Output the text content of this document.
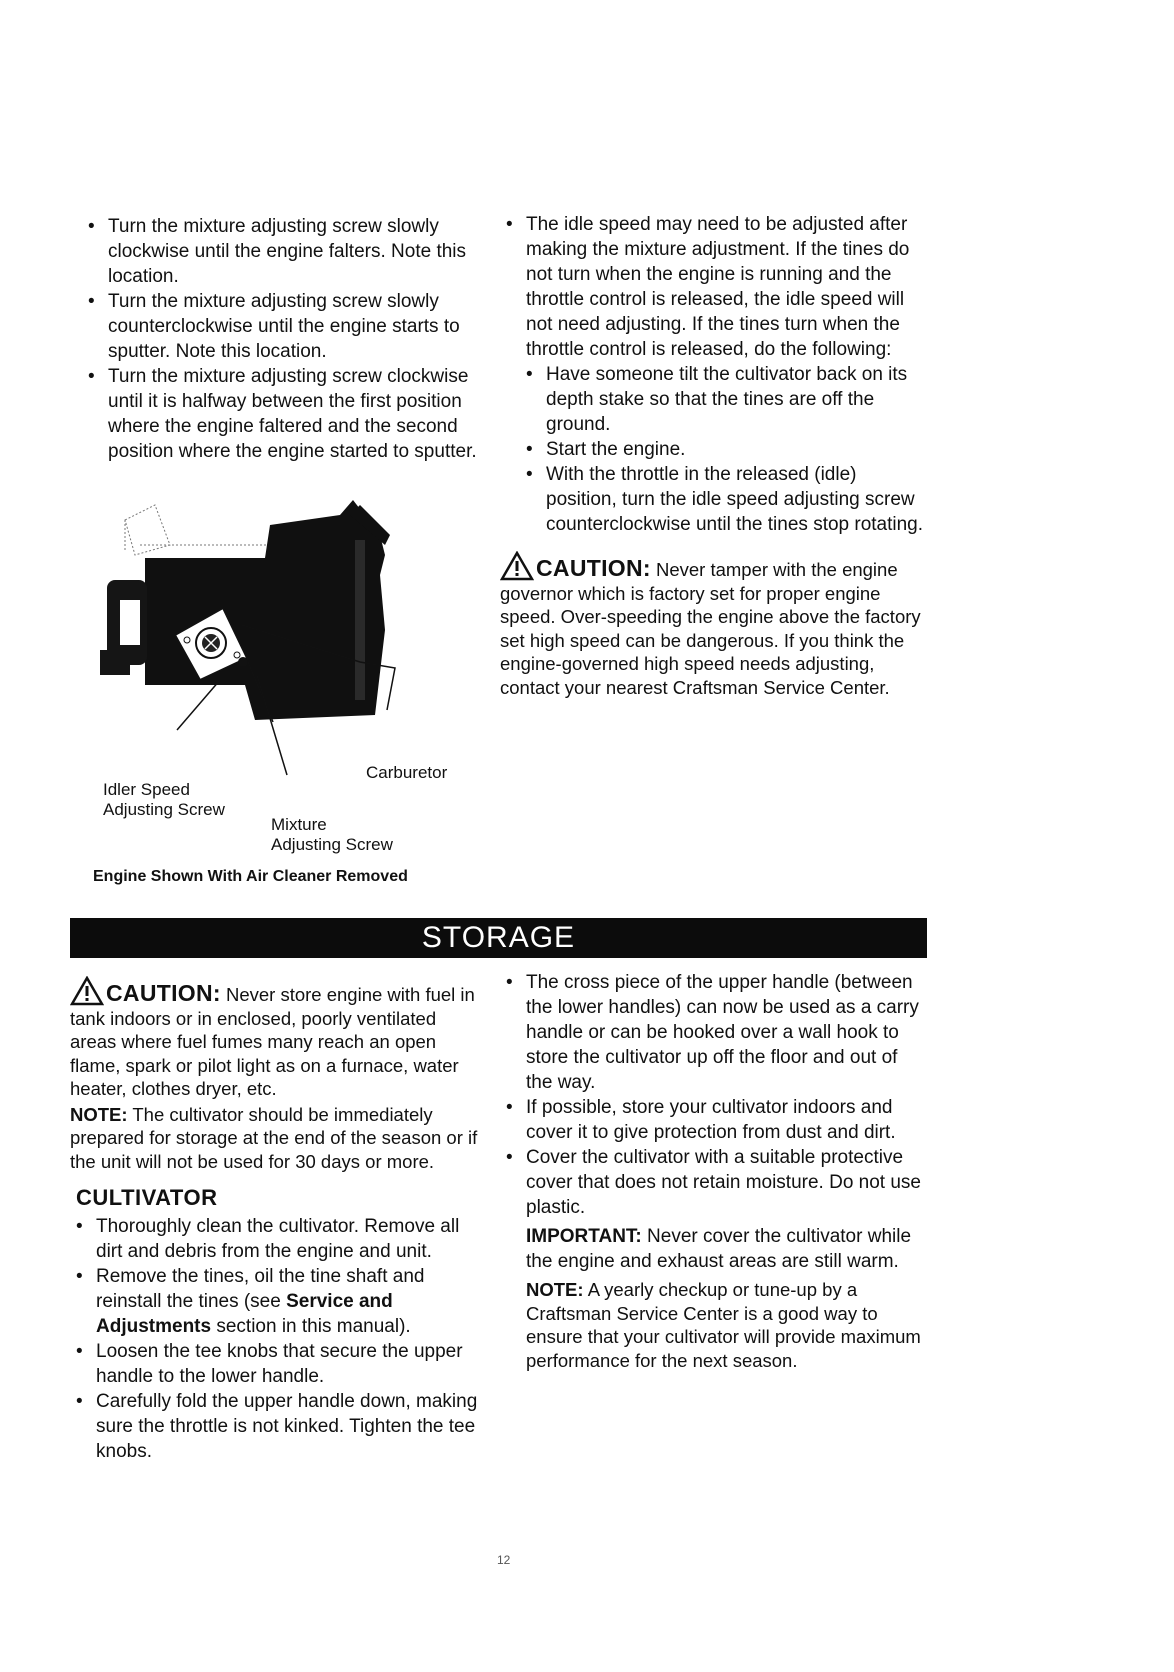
• Turn the mixture adjusting screw slowly clockwise until the engine falters. Note this location.
• Turn the mixture adjusting screw slowly counterclockwise until the engine starts to sputter. Note this location.
• Turn the mixture adjusting screw clockwise until it is halfway between the first position where the engine faltered and the second position where the engine started to sputter.
Idler Speed
Adjusting Screw
Carburetor
Mixture
Adjusting Screw
Engine Shown With Air Cleaner Removed
• The idle speed may need to be adjusted after making the mixture adjustment. If the tines do not turn when the engine is running and the throttle control is released, the idle speed will not need adjusting. If the tines turn when the throttle control is released, do the following:
• Have someone tilt the cultivator back on its depth stake so that the tines are off the ground.
• Start the engine.
• With the throttle in the released (idle) position, turn the idle speed adjusting screw counterclockwise until the tines stop rotating.
CAUTION: Never tamper with the engine governor which is factory set for proper engine speed. Over-speeding the engine above the factory set high speed can be dangerous. If you think the engine-governed high speed needs adjusting, contact your nearest Craftsman Service Center.
STORAGE
CAUTION: Never store engine with fuel in tank indoors or in enclosed, poorly ventilated areas where fuel fumes many reach an open flame, spark or pilot light as on a furnace, water heater, clothes dryer, etc.
NOTE: The cultivator should be immediately prepared for storage at the end of the season or if the unit will not be used for 30 days or more.
CULTIVATOR
• Thoroughly clean the cultivator. Remove all dirt and debris from the engine and unit.
• Remove the tines, oil the tine shaft and reinstall the tines (see Service and Adjustments section in this manual).
• Loosen the tee knobs that secure the upper handle to the lower handle.
• Carefully fold the upper handle down, making sure the throttle is not kinked. Tighten the tee knobs.
• The cross piece of the upper handle (between the lower handles) can now be used as a carry handle or can be hooked over a wall hook to store the cultivator up off the floor and out of the way.
• If possible, store your cultivator indoors and cover it to give protection from dust and dirt.
• Cover the cultivator with a suitable protective cover that does not retain moisture. Do not use plastic.
IMPORTANT: Never cover the cultivator while the engine and exhaust areas are still warm.
NOTE: A yearly checkup or tune-up by a Craftsman Service Center is a good way to ensure that your cultivator will provide maximum performance for the next season.
12
